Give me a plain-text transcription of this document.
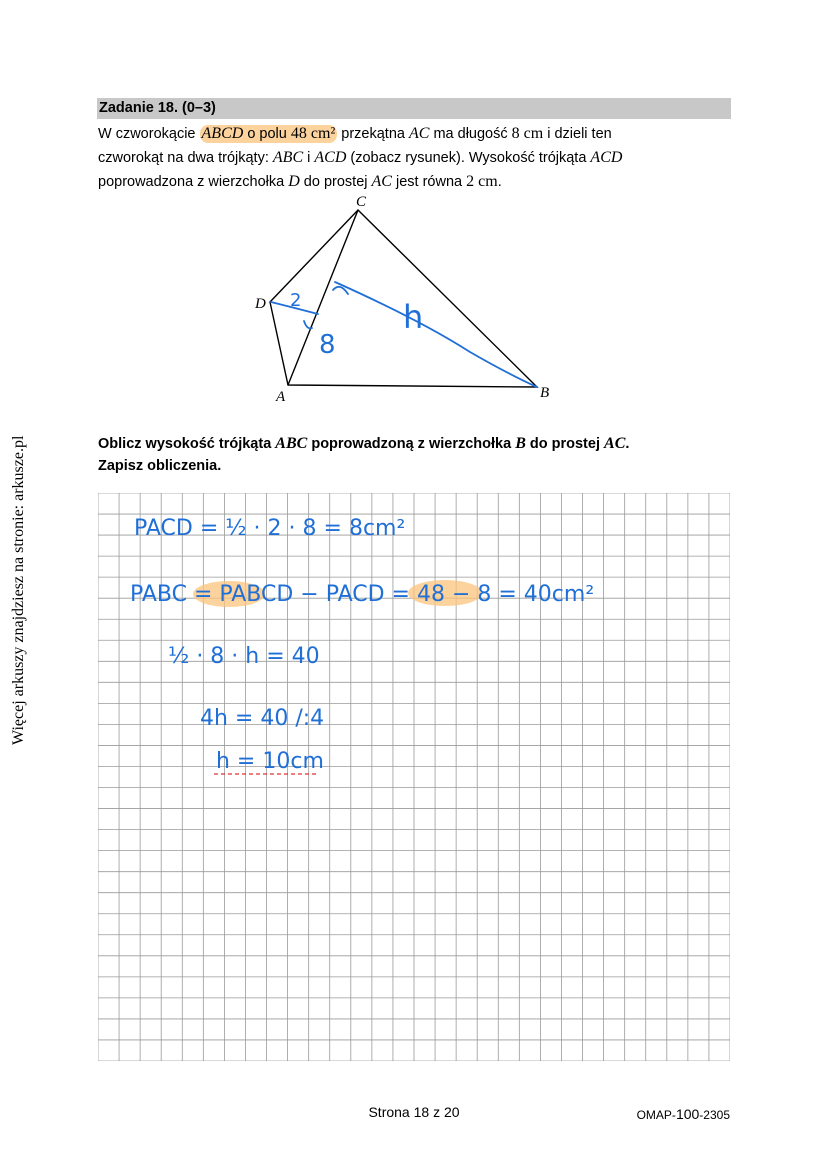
Więcej arkuszy znajdziesz na stronie: arkusze.pl
Zadanie 18. (0–3)
W czworokącie ABCD o polu 48 cm² przekątna AC ma długość 8 cm i dzieli ten
czworokąt na dwa trójkąty: ABC i ACD (zobacz rysunek). Wysokość trójkąta ACD
poprowadzona z wierzchołka D do prostej AC jest równa 2 cm.
C
D
A	B
2
8
h
Oblicz wysokość trójkąta ABC poprowadzoną z wierzchołka B do prostej AC.
Zapisz obliczenia.
PACD = ½ · 2 · 8 = 8cm²
PABC = PABCD − PACD = 48 − 8 = 40cm²
½ · 8 · h = 40
4h = 40 /:4
h = 10cm
Strona 18 z 20	OMAP-100-2305
